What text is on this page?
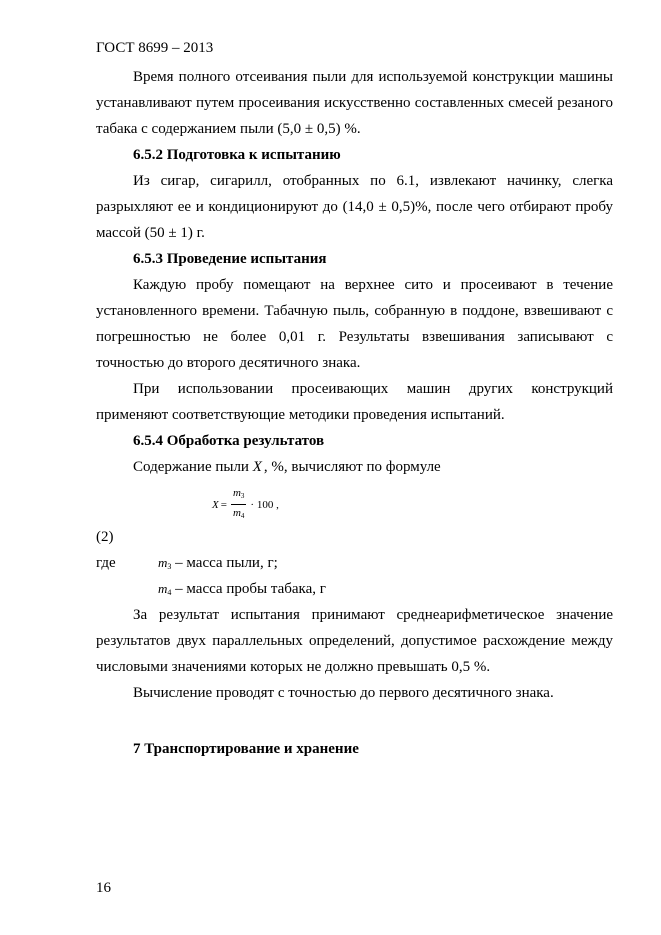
ГОСТ 8699 – 2013

Время полного отсеивания пыли для используемой конструкции машины устанавливают путем просеивания искусственно составленных смесей резаного табака с содержанием пыли (5,0 ± 0,5) %.

6.5.2 Подготовка к испытанию

Из сигар, сигарилл, отобранных по 6.1, извлекают начинку, слегка разрыхляют ее и кондиционируют до (14,0 ± 0,5)%, после чего отбирают пробу массой (50 ± 1) г.

6.5.3 Проведение испытания

Каждую пробу помещают на верхнее сито и просеивают в течение установленного времени. Табачную пыль, собранную в поддоне, взвешивают с погрешностью не более 0,01 г. Результаты взвешивания записывают с точностью до второго десятичного знака.

При использовании просеивающих машин других конструкций применяют соответствующие методики проведения испытаний.

6.5.4 Обработка результатов

Содержание пыли X , %, вычисляют по формуле

$X = \frac{m_3}{m_4} \cdot 100$ ,

(2)

где	$m_3$ – масса пыли, г;
$m_4$ – масса пробы табака, г

За результат испытания принимают среднеарифметическое значение результатов двух параллельных определений, допустимое расхождение между числовыми значениями которых не должно превышать 0,5 %.

Вычисление проводят с точностью до первого десятичного знака.

7 Транспортирование и хранение

16
